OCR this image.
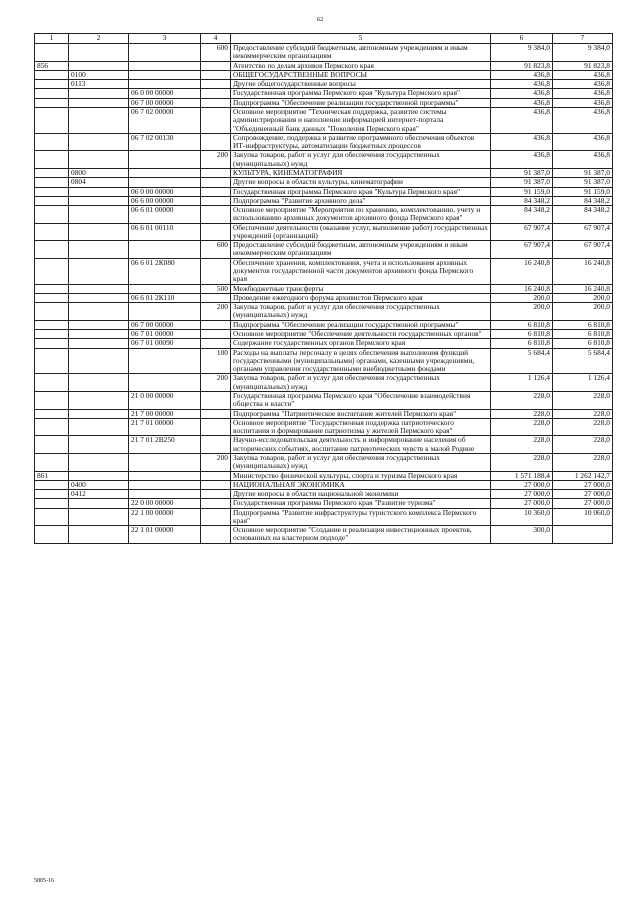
62
1	2	3	4	5	6	7
			600	Предоставление субсидий бюджетным, автономным учреждениям и иным некоммерческим организациям	9 384,0	9 384,0
856				Агентство по делам архивов Пермского края	91 823,8	91 823,8
	0100			ОБЩЕГОСУДАРСТВЕННЫЕ ВОПРОСЫ	436,8	436,8
	0113			Другие общегосударственные вопросы	436,8	436,8
		06 0 00 00000		Государственная программа Пермского края "Культура Пермского края"	436,8	436,8
		06 7 00 00000		Подпрограмма "Обеспечение реализации государственной программы"	436,8	436,8
		06 7 02 00000		Основное мероприятие "Техническая поддержка, развитие системы администрирования и наполнение информацией интернет-портала "Объединенный банк данных "Поколения Пермского края"	436,8	436,8
		06 7 02 00130		Сопровождение, поддержка и развитие программного обеспечения объектов ИТ-инфраструктуры, автоматизации бюджетных процессов	436,8	436,8
			200	Закупка товаров, работ и услуг для обеспечения государственных (муниципальных) нужд	436,8	436,8
	0800			КУЛЬТУРА, КИНЕМАТОГРАФИЯ	91 387,0	91 387,0
	0804			Другие вопросы в области культуры, кинематографии	91 387,0	91 387,0
		06 0 00 00000		Государственная программа Пермского края "Культура Пермского края"	91 159,0	91 159,0
		06 6 00 00000		Подпрограмма "Развитие архивного дела"	84 348,2	84 348,2
		06 6 01 00000		Основное мероприятие "Мероприятия по хранению, комплектованию, учету и использованию архивных документов архивного фонда Пермского края"	84 348,2	84 348,2
		06 6 01 00110		Обеспечение деятельности (оказание услуг, выполнение работ) государственных учреждений (организаций)	67 907,4	67 907,4
			600	Предоставление субсидий бюджетным, автономным учреждениям и иным некоммерческим организациям	67 907,4	67 907,4
		06 6 01 2К080		Обеспечение хранения, комплектования, учета и использования архивных документов государственной части документов архивного фонда Пермского края	16 240,8	16 240,8
			500	Межбюджетные трансферты	16 240,8	16 240,8
		06 6 01 2К110		Проведение ежегодного форума архивистов Пермского края	200,0	200,0
			200	Закупка товаров, работ и услуг для обеспечения государственных (муниципальных) нужд	200,0	200,0
		06 7 00 00000		Подпрограмма "Обеспечение реализации государственной программы"	6 810,8	6 810,8
		06 7 01 00000		Основное мероприятие "Обеспечение деятельности государственных органов"	6 810,8	6 810,8
		06 7 01 00090		Содержание государственных органов Пермского края	6 810,8	6 810,8
			100	Расходы на выплаты персоналу в целях обеспечения выполнения функций государственными (муниципальными) органами, казенными учреждениями, органами управления государственными внебюджетными фондами	5 684,4	5 684,4
			200	Закупка товаров, работ и услуг для обеспечения государственных (муниципальных) нужд	1 126,4	1 126,4
		21 0 00 00000		Государственная программа Пермского края "Обеспечение взаимодействия общества и власти"	228,0	228,0
		21 7 00 00000		Подпрограмма "Патриотическое воспитание жителей Пермского края"	228,0	228,0
		21 7 01 00000		Основное мероприятие "Государственная поддержка патриотического воспитания и формирование патриотизма у жителей Пермского края"	228,0	228,0
		21 7 01 2В250		Научно-исследовательская деятельность и информирование населения об исторических событиях, воспитание патриотических чувств к малой Родине	228,0	228,0
			200	Закупка товаров, работ и услуг для обеспечения государственных (муниципальных) нужд	228,0	228,0
861				Министерство физической культуры, спорта и туризма Пермского края	1 571 188,4	1 262 142,7
	0400			НАЦИОНАЛЬНАЯ ЭКОНОМИКА	27 000,0	27 000,0
	0412			Другие вопросы в области национальной экономики	27 000,0	27 000,0
		22 0 00 00000		Государственная программа Пермского края "Развитие туризма"	27 000,0	27 000,0
		22 1 00 00000		Подпрограмма "Развитие инфраструктуры туристского комплекса Пермского края"	10 360,0	10 060,0
		22 1 01 00000		Основное мероприятие "Создание и реализация инвестиционных проектов, основанных на кластерном подходе"	300,0	
5805-16
